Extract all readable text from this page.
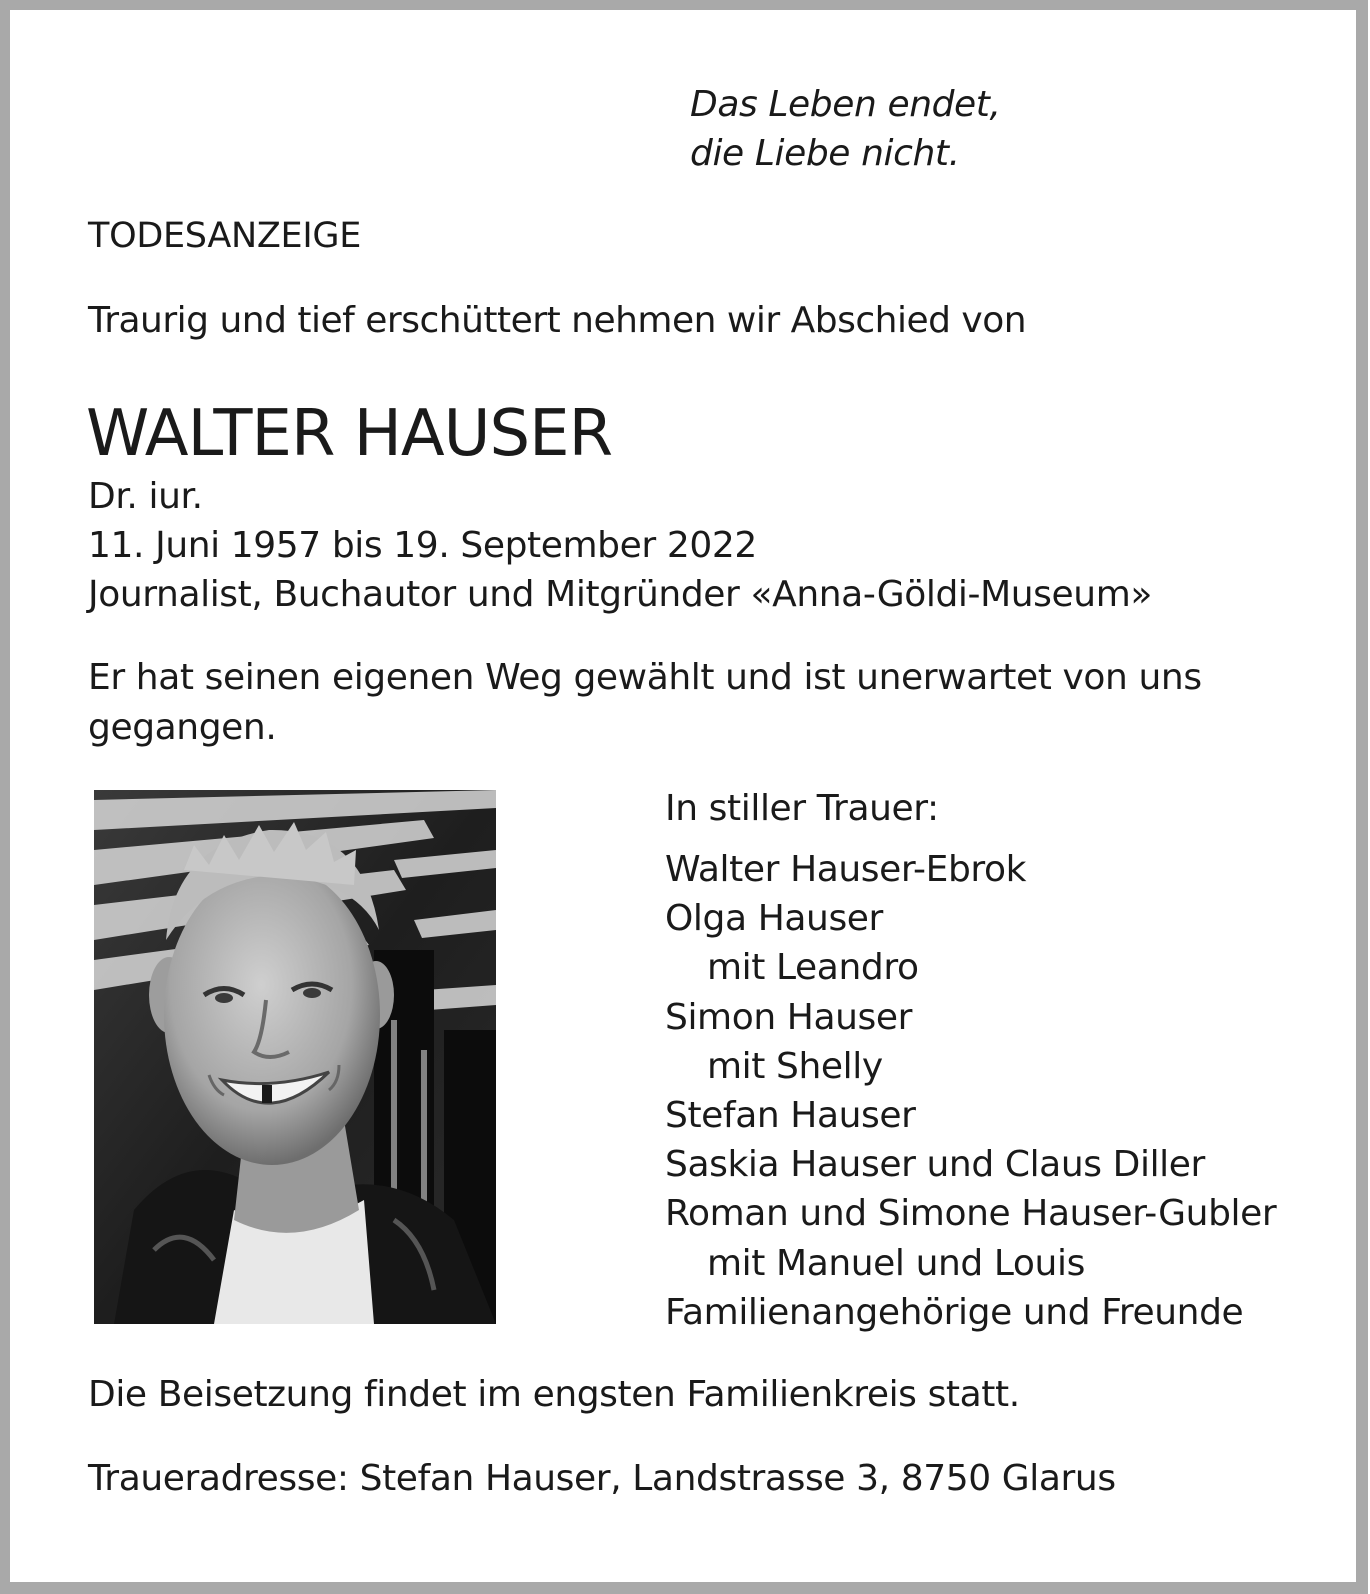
Das Leben endet,
die Liebe nicht.
TODESANZEIGE
Traurig und tief erschüttert nehmen wir Abschied von
WALTER HAUSER
Dr. iur.
11. Juni 1957 bis 19. September 2022
Journalist, Buchautor und Mitgründer «Anna-Göldi-Museum»
Er hat seinen eigenen Weg gewählt und ist unerwartet von uns
gegangen.
In stiller Trauer:
Walter Hauser-Ebrok
Olga Hauser
mit Leandro
Simon Hauser
mit Shelly
Stefan Hauser
Saskia Hauser und Claus Diller
Roman und Simone Hauser-Gubler
mit Manuel und Louis
Familienangehörige und Freunde
Die Beisetzung findet im engsten Familienkreis statt.
Traueradresse: Stefan Hauser, Landstrasse 3, 8750 Glarus
